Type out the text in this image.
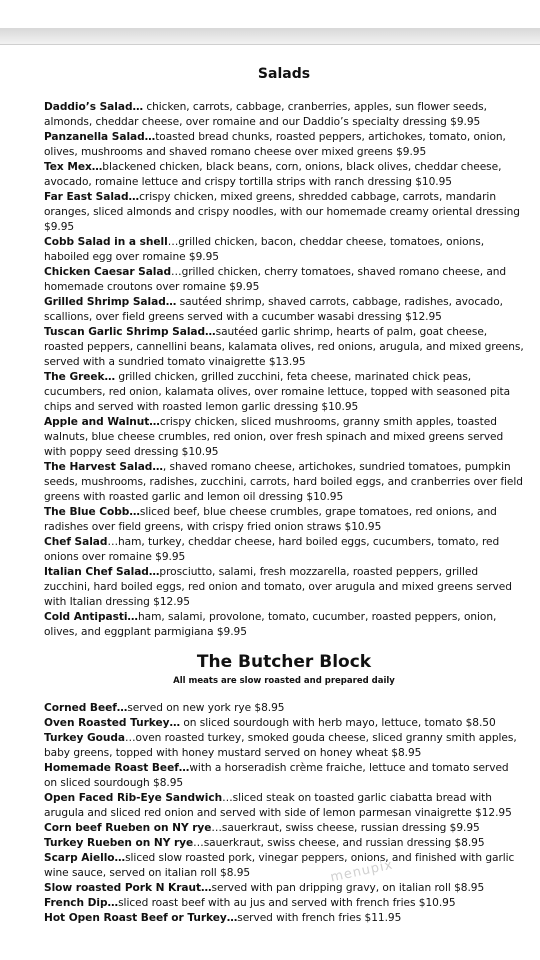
Salads

Daddio’s Salad… chicken, carrots, cabbage, cranberries, apples, sun flower seeds, almonds, cheddar cheese, over romaine and our Daddio’s specialty dressing $9.95

Panzanella Salad…toasted bread chunks, roasted peppers, artichokes, tomato, onion, olives, mushrooms and shaved romano cheese over mixed greens $9.95

Tex Mex…blackened chicken, black beans, corn, onions, black olives, cheddar cheese, avocado, romaine lettuce and crispy tortilla strips with ranch dressing $10.95

Far East Salad…crispy chicken, mixed greens, shredded cabbage, carrots, mandarin oranges, sliced almonds and crispy noodles, with our homemade creamy oriental dressing $9.95

Cobb Salad in a shell…grilled chicken, bacon, cheddar cheese, tomatoes, onions, haboiled egg over romaine $9.95

Chicken Caesar Salad…grilled chicken, cherry tomatoes, shaved romano cheese, and homemade croutons over romaine $9.95

Grilled Shrimp Salad… sautéed shrimp, shaved carrots, cabbage, radishes, avocado, scallions, over field greens served with a cucumber wasabi dressing $12.95

Tuscan Garlic Shrimp Salad…sautéed garlic shrimp, hearts of palm, goat cheese, roasted peppers, cannellini beans, kalamata olives, red onions, arugula, and mixed greens, served with a sundried tomato vinaigrette $13.95

The Greek… grilled chicken, grilled zucchini, feta cheese, marinated chick peas, cucumbers, red onion, kalamata olives, over romaine lettuce, topped with seasoned pita chips and served with roasted lemon garlic dressing $10.95

Apple and Walnut…crispy chicken, sliced mushrooms, granny smith apples, toasted walnuts, blue cheese crumbles, red onion, over fresh spinach and mixed greens served with poppy seed dressing $10.95

The Harvest Salad…, shaved romano cheese, artichokes, sundried tomatoes, pumpkin seeds, mushrooms, radishes, zucchini, carrots, hard boiled eggs, and cranberries over field greens with roasted garlic and lemon oil dressing $10.95

The Blue Cobb…sliced beef, blue cheese crumbles, grape tomatoes, red onions, and radishes over field greens, with crispy fried onion straws $10.95

Chef Salad…ham, turkey, cheddar cheese, hard boiled eggs, cucumbers, tomato, red onions over romaine $9.95

Italian Chef Salad…prosciutto, salami, fresh mozzarella, roasted peppers, grilled zucchini, hard boiled eggs, red onion and tomato, over arugula and mixed greens served with Italian dressing $12.95

Cold Antipasti…ham, salami, provolone, tomato, cucumber, roasted peppers, onion, olives, and eggplant parmigiana $9.95

The Butcher Block
All meats are slow roasted and prepared daily

Corned Beef…served on new york rye $8.95

Oven Roasted Turkey… on sliced sourdough with herb mayo, lettuce, tomato $8.50

Turkey Gouda…oven roasted turkey, smoked gouda cheese, sliced granny smith apples, baby greens, topped with honey mustard served on honey wheat $8.95

Homemade Roast Beef…with a horseradish crème fraiche, lettuce and tomato served on sliced sourdough $8.95

Open Faced Rib-Eye Sandwich…sliced steak on toasted garlic ciabatta bread with arugula and sliced red onion and served with side of lemon parmesan vinaigrette $12.95

Corn beef Rueben on NY rye…sauerkraut, swiss cheese, russian dressing $9.95

Turkey Rueben on NY rye…sauerkraut, swiss cheese, and russian dressing $8.95

Scarp Aiello…sliced slow roasted pork, vinegar peppers, onions, and finished with garlic wine sauce, served on italian roll $8.95

Slow roasted Pork N Kraut…served with pan dripping gravy, on italian roll $8.95

French Dip…sliced roast beef with au jus and served with french fries $10.95

Hot Open Roast Beef or Turkey…served with french fries $11.95

menupix
